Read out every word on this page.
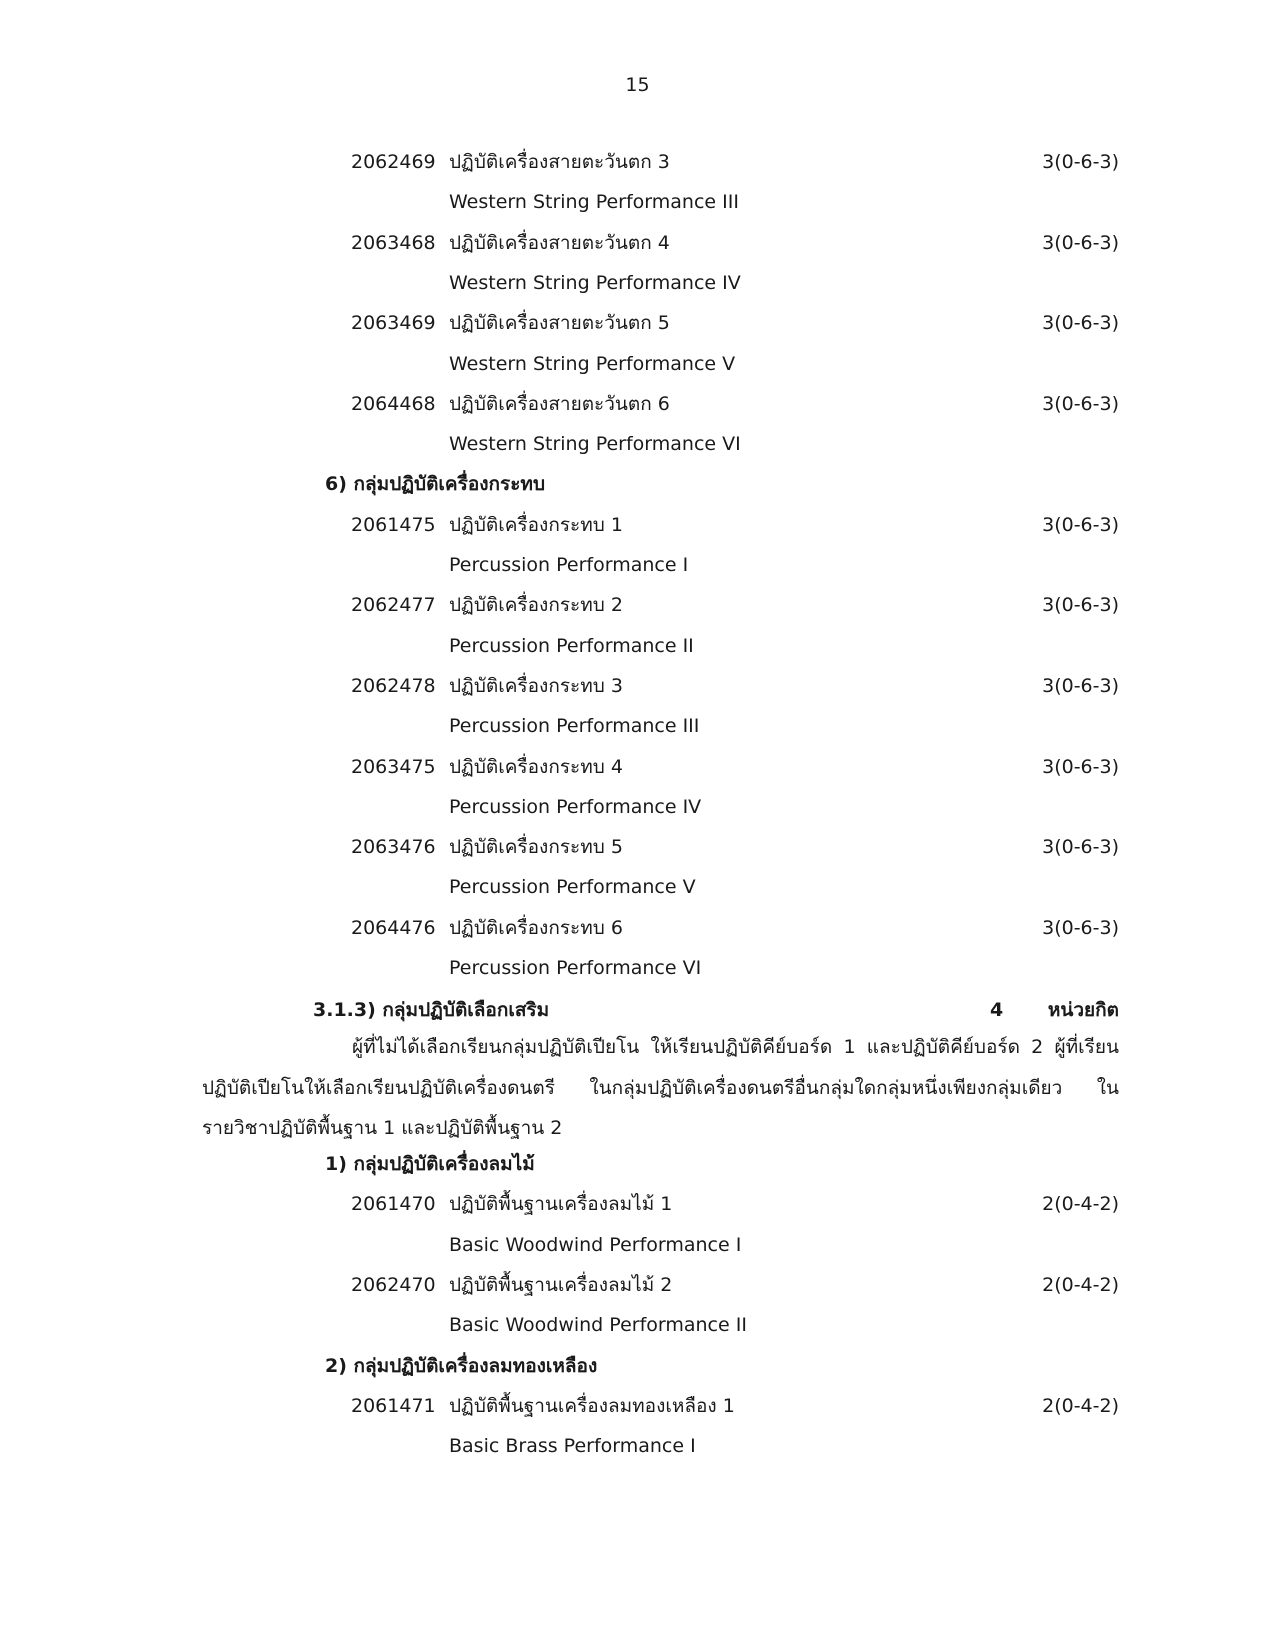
15
2062469 ปฏิบัติเครื่องสายตะวันตก 3	3(0-6-3)
Western String Performance III
2063468 ปฏิบัติเครื่องสายตะวันตก 4	3(0-6-3)
Western String Performance IV
2063469 ปฏิบัติเครื่องสายตะวันตก 5	3(0-6-3)
Western String Performance V
2064468 ปฏิบัติเครื่องสายตะวันตก 6	3(0-6-3)
Western String Performance VI
6) กลุ่มปฏิบัติเครื่องกระทบ
2061475 ปฏิบัติเครื่องกระทบ 1	3(0-6-3)
Percussion Performance I
2062477 ปฏิบัติเครื่องกระทบ 2	3(0-6-3)
Percussion Performance II
2062478 ปฏิบัติเครื่องกระทบ 3	3(0-6-3)
Percussion Performance III
2063475 ปฏิบัติเครื่องกระทบ 4	3(0-6-3)
Percussion Performance IV
2063476 ปฏิบัติเครื่องกระทบ 5	3(0-6-3)
Percussion Performance V
2064476 ปฏิบัติเครื่องกระทบ 6	3(0-6-3)
Percussion Performance VI
3.1.3) กลุ่มปฏิบัติเลือกเสริม	4 หน่วยกิต
ผู้ที่ไม่ได้เลือกเรียนกลุ่มปฏิบัติเปียโน ให้เรียนปฏิบัติคีย์บอร์ด 1 และปฏิบัติคีย์บอร์ด 2 ผู้ที่เรียนปฏิบัติเปียโนให้เลือกเรียนปฏิบัติเครื่องดนตรี ในกลุ่มปฏิบัติเครื่องดนตรีอื่นกลุ่มใดกลุ่มหนึ่งเพียงกลุ่มเดียว ในรายวิชาปฏิบัติพื้นฐาน 1 และปฏิบัติพื้นฐาน 2
1) กลุ่มปฏิบัติเครื่องลมไม้
2061470 ปฏิบัติพื้นฐานเครื่องลมไม้ 1	2(0-4-2)
Basic Woodwind Performance I
2062470 ปฏิบัติพื้นฐานเครื่องลมไม้ 2	2(0-4-2)
Basic Woodwind Performance II
2) กลุ่มปฏิบัติเครื่องลมทองเหลือง
2061471 ปฏิบัติพื้นฐานเครื่องลมทองเหลือง 1	2(0-4-2)
Basic Brass Performance I
